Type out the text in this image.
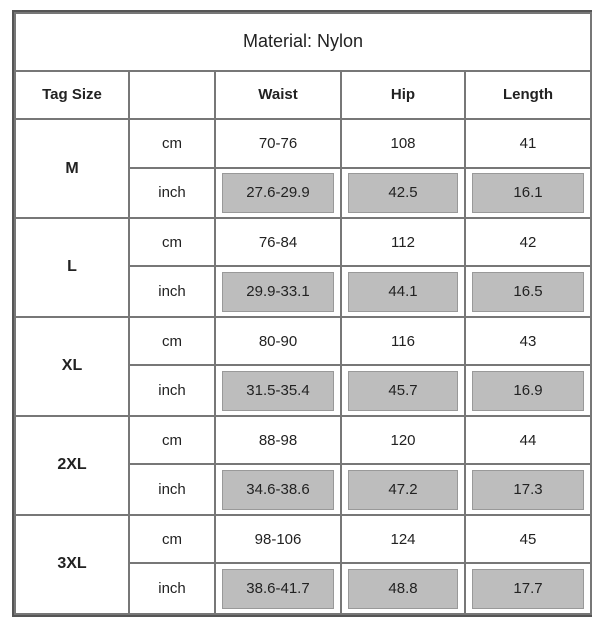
Material: Nylon				
Tag Size		Waist	Hip	Length
M	cm	70-76	108	41
	inch	27.6-29.9	42.5	16.1

L	cm	76-84	112	42
	inch	29.9-33.1	44.1	16.5

XL	cm	80-90	116	43
	inch	31.5-35.4	45.7	16.9

2XL	cm	88-98	120	44
	inch	34.6-38.6	47.2	17.3

3XL	cm	98-106	124	45
	inch	38.6-41.7	48.8	17.7
